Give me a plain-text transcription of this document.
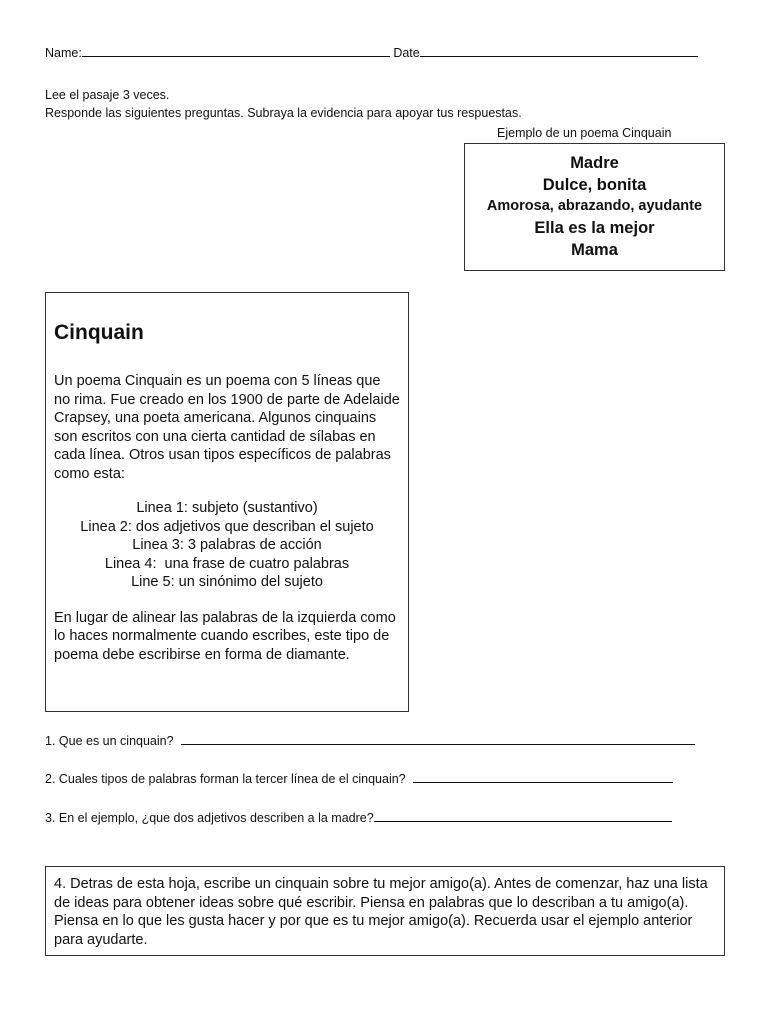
Name:	Date
Lee el pasaje 3 veces.
Responde las siguientes preguntas. Subraya la evidencia para apoyar tus respuestas.
Ejemplo de un poema Cinquain
Madre
Dulce, bonita
Amorosa, abrazando, ayudante
Ella es la mejor
Mama
Cinquain
Un poema Cinquain es un poema con 5 líneas que no rima. Fue creado en los 1900 de parte de Adelaide Crapsey, una poeta americana. Algunos cinquains son escritos con una cierta cantidad de sílabas en cada línea. Otros usan tipos específicos de palabras como esta:
Linea 1: subjeto (sustantivo)
Linea 2: dos adjetivos que describan el sujeto
Linea 3: 3 palabras de acción
Linea 4:  una frase de cuatro palabras
Line 5: un sinónimo del sujeto
En lugar de alinear las palabras de la izquierda como lo haces normalmente cuando escribes, este tipo de poema debe escribirse en forma de diamante.
1. Que es un cinquain?
2. Cuales tipos de palabras forman la tercer línea de el cinquain?
3. En el ejemplo, ¿que dos adjetivos describen a la madre?
4. Detras de esta hoja, escribe un cinquain sobre tu mejor amigo(a). Antes de comenzar, haz una lista de ideas para obtener ideas sobre qué escribir. Piensa en palabras que lo describan a tu amigo(a). Piensa en lo que les gusta hacer y por que es tu mejor amigo(a). Recuerda usar el ejemplo anterior para ayudarte.
